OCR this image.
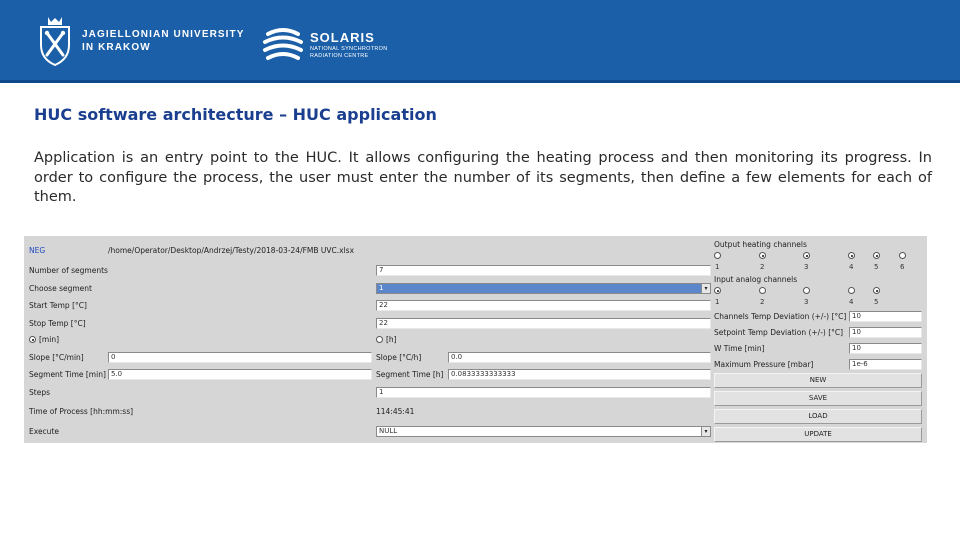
JAGIELLONIAN UNIVERSITY
IN KRAKOW
SOLARIS
NATIONAL SYNCHROTRON
RADIATION CENTRE
HUC software architecture – HUC application
Application is an entry point to the HUC. It allows configuring the heating process and then monitoring its progress. In order to configure the process, the user must enter the number of its segments, then define a few elements for each of them.
NEG	/home/Operator/Desktop/Andrzej/Testy/2018-03-24/FMB UVC.xlsx
Number of segments	7
Choose segment	1	▾
Start Temp [°C]	22
Stop Temp [°C]	22
[min]	[h]
Slope [°C/min]	0	Slope [°C/h]	0.0
Segment Time [min] 5.0	Segment Time [h]	0.0833333333333
Steps	1
Time of Process [hh:mm:ss]	114:45:41
Execute	NULL	▾
Output heating channels
1	2	3	4	5	6
Input analog channels
1	2	3	4	5
Channels Temp Deviation (+/-) [°C] 10
Setpoint Temp Deviation (+/-) [°C]	10
W Time [min]	10
Maximum Pressure [mbar]	1e-6
NEW
SAVE
LOAD
UPDATE
